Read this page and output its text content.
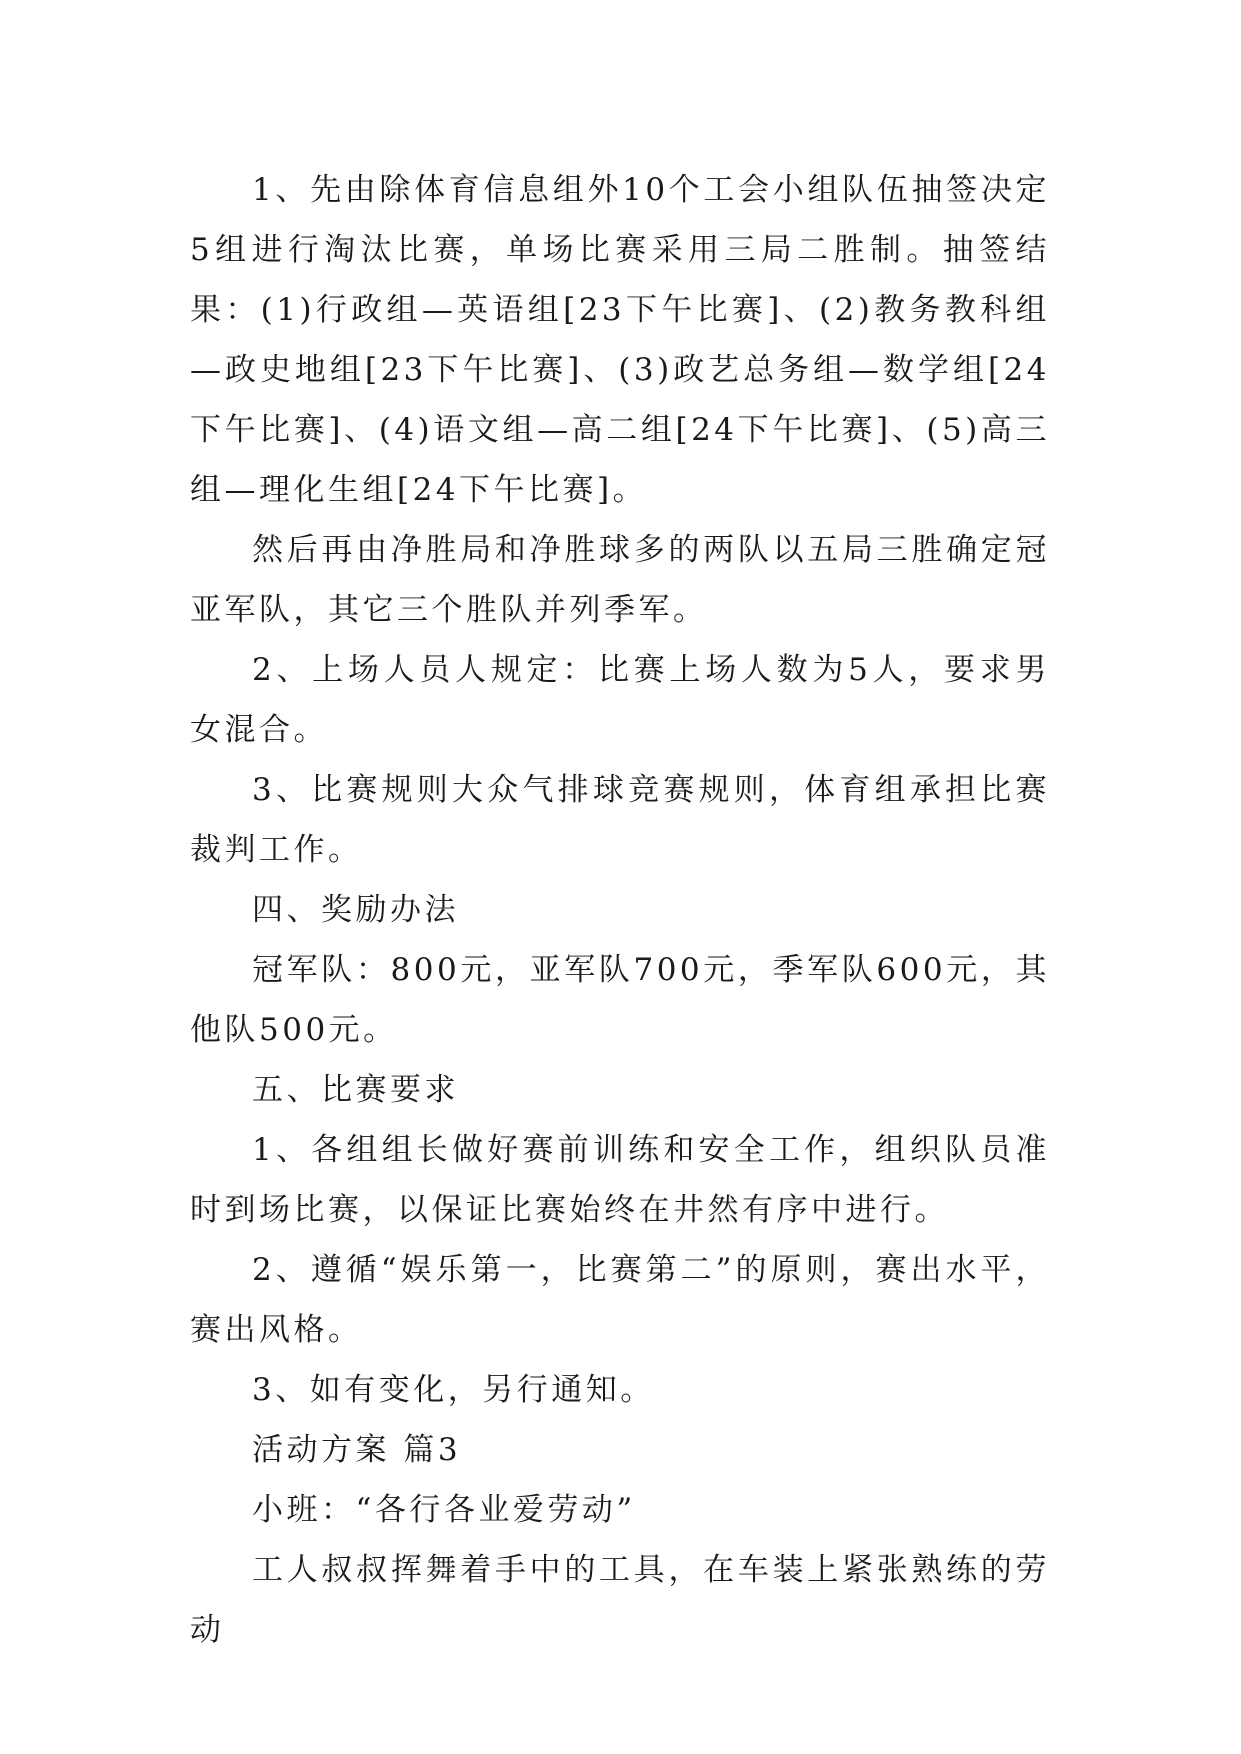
1、先由除体育信息组外10个工会小组队伍抽签决定5组进行淘汰比赛，单场比赛采用三局二胜制。抽签结果：(1)行政组—英语组[23下午比赛]、(2)教务教科组—政史地组[23下午比赛]、(3)政艺总务组—数学组[24下午比赛]、(4)语文组—高二组[24下午比赛]、(5)高三组—理化生组[24下午比赛]。

然后再由净胜局和净胜球多的两队以五局三胜确定冠亚军队，其它三个胜队并列季军。

2、上场人员人规定：比赛上场人数为5人，要求男女混合。

3、比赛规则大众气排球竞赛规则，体育组承担比赛裁判工作。

四、奖励办法

冠军队：800元，亚军队700元，季军队600元，其他队500元。

五、比赛要求

1、各组组长做好赛前训练和安全工作，组织队员准时到场比赛，以保证比赛始终在井然有序中进行。

2、遵循“娱乐第一，比赛第二”的原则，赛出水平，赛出风格。

3、如有变化，另行通知。

活动方案 篇3

小班：“各行各业爱劳动”

工人叔叔挥舞着手中的工具，在车装上紧张熟练的劳动
